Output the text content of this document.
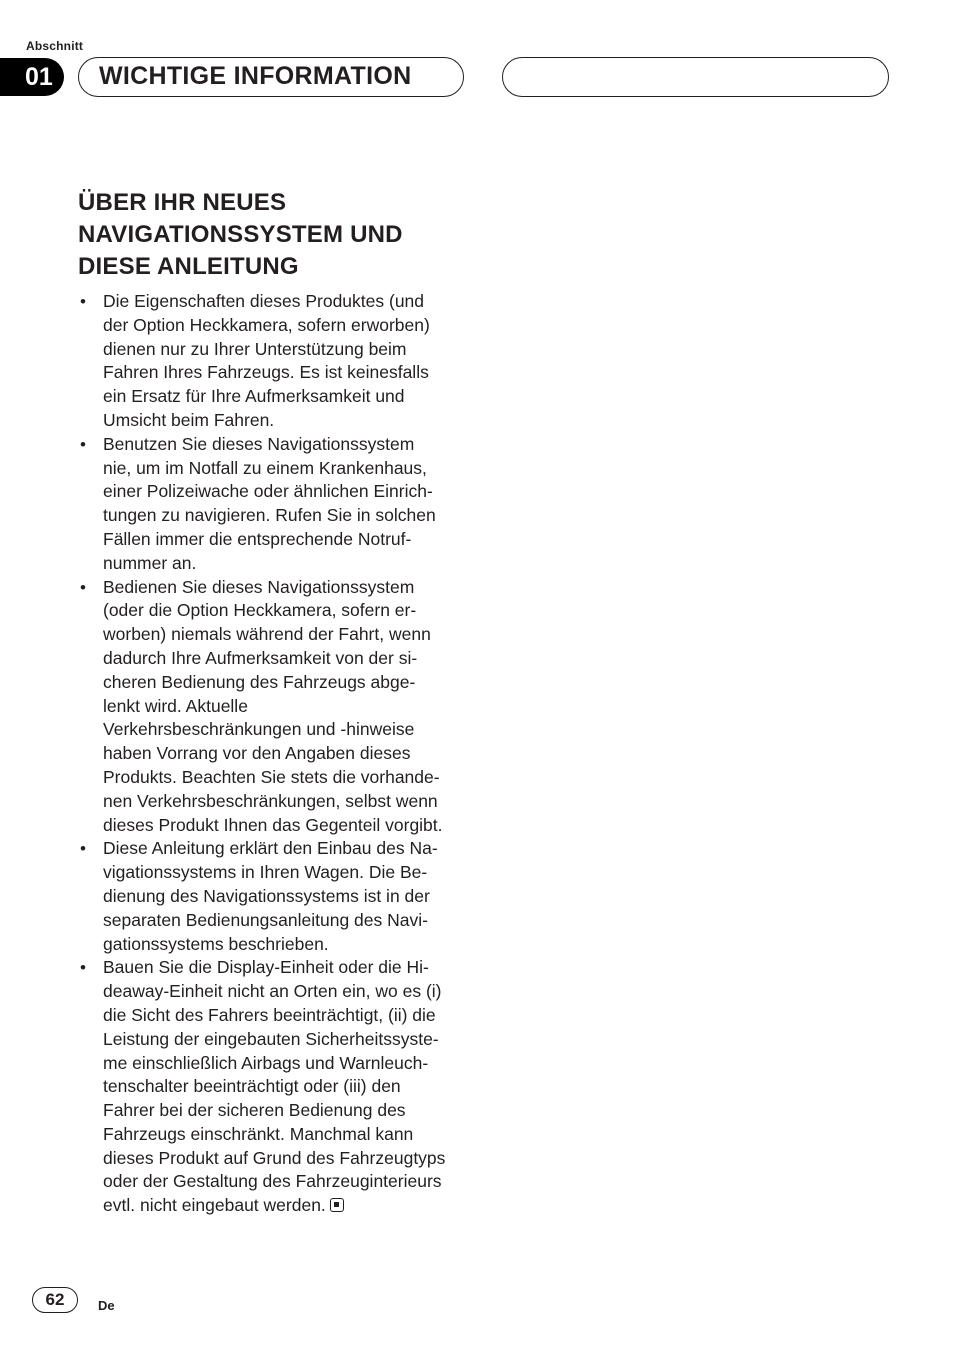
Abschnitt
01	WICHTIGE INFORMATION
ÜBER IHR NEUES
NAVIGATIONSSYSTEM UND
DIESE ANLEITUNG
• Die Eigenschaften dieses Produktes (und
der Option Heckkamera, sofern erworben)
dienen nur zu Ihrer Unterstützung beim
Fahren Ihres Fahrzeugs. Es ist keinesfalls
ein Ersatz für Ihre Aufmerksamkeit und
Umsicht beim Fahren.
• Benutzen Sie dieses Navigationssystem
nie, um im Notfall zu einem Krankenhaus,
einer Polizeiwache oder ähnlichen Einrich-
tungen zu navigieren. Rufen Sie in solchen
Fällen immer die entsprechende Notruf-
nummer an.
• Bedienen Sie dieses Navigationssystem
(oder die Option Heckkamera, sofern er-
worben) niemals während der Fahrt, wenn
dadurch Ihre Aufmerksamkeit von der si-
cheren Bedienung des Fahrzeugs abge-
lenkt wird. Aktuelle
Verkehrsbeschränkungen und -hinweise
haben Vorrang vor den Angaben dieses
Produkts. Beachten Sie stets die vorhande-
nen Verkehrsbeschränkungen, selbst wenn
dieses Produkt Ihnen das Gegenteil vorgibt.
• Diese Anleitung erklärt den Einbau des Na-
vigationssystems in Ihren Wagen. Die Be-
dienung des Navigationssystems ist in der
separaten Bedienungsanleitung des Navi-
gationssystems beschrieben.
• Bauen Sie die Display-Einheit oder die Hi-
deaway-Einheit nicht an Orten ein, wo es (i)
die Sicht des Fahrers beeinträchtigt, (ii) die
Leistung der eingebauten Sicherheitssyste-
me einschließlich Airbags und Warnleuch-
tenschalter beeinträchtigt oder (iii) den
Fahrer bei der sicheren Bedienung des
Fahrzeugs einschränkt. Manchmal kann
dieses Produkt auf Grund des Fahrzeugtyps
oder der Gestaltung des Fahrzeuginterieurs
evtl. nicht eingebaut werden.
62	De
